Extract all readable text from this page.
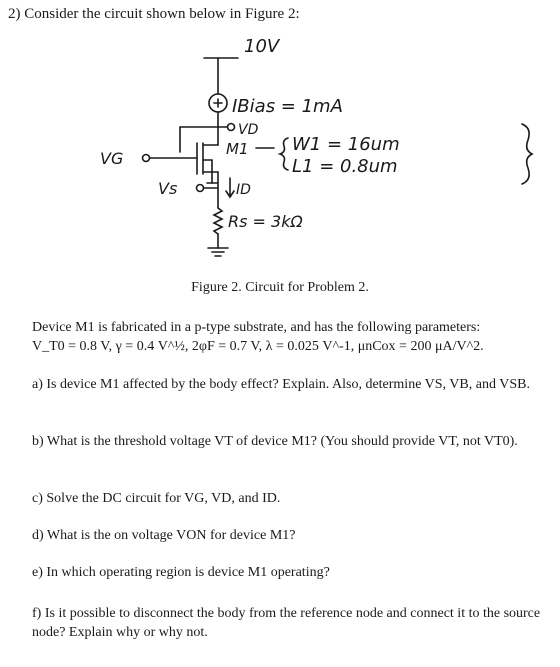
2) Consider the circuit shown below in Figure 2:
10V
IBias = 1mA
VD
M1 W1 = 16um
L1 = 0.8um
VG
Vs	ID
Rs = 3kΩ
Figure 2. Circuit for Problem 2.
Device M1 is fabricated in a p-type substrate, and has the following parameters:
V_T0 = 0.8 V, γ = 0.4 V^½, 2φF = 0.7 V, λ = 0.025 V^-1, μnCox = 200 μA/V^2.
a) Is device M1 affected by the body effect? Explain. Also, determine VS, VB, and VSB.
b) What is the threshold voltage VT of device M1? (You should provide VT, not VT0).
c) Solve the DC circuit for VG, VD, and ID.
d) What is the on voltage VON for device M1?
e) In which operating region is device M1 operating?
f) Is it possible to disconnect the body from the reference node and connect it to the source node? Explain why or why not.
